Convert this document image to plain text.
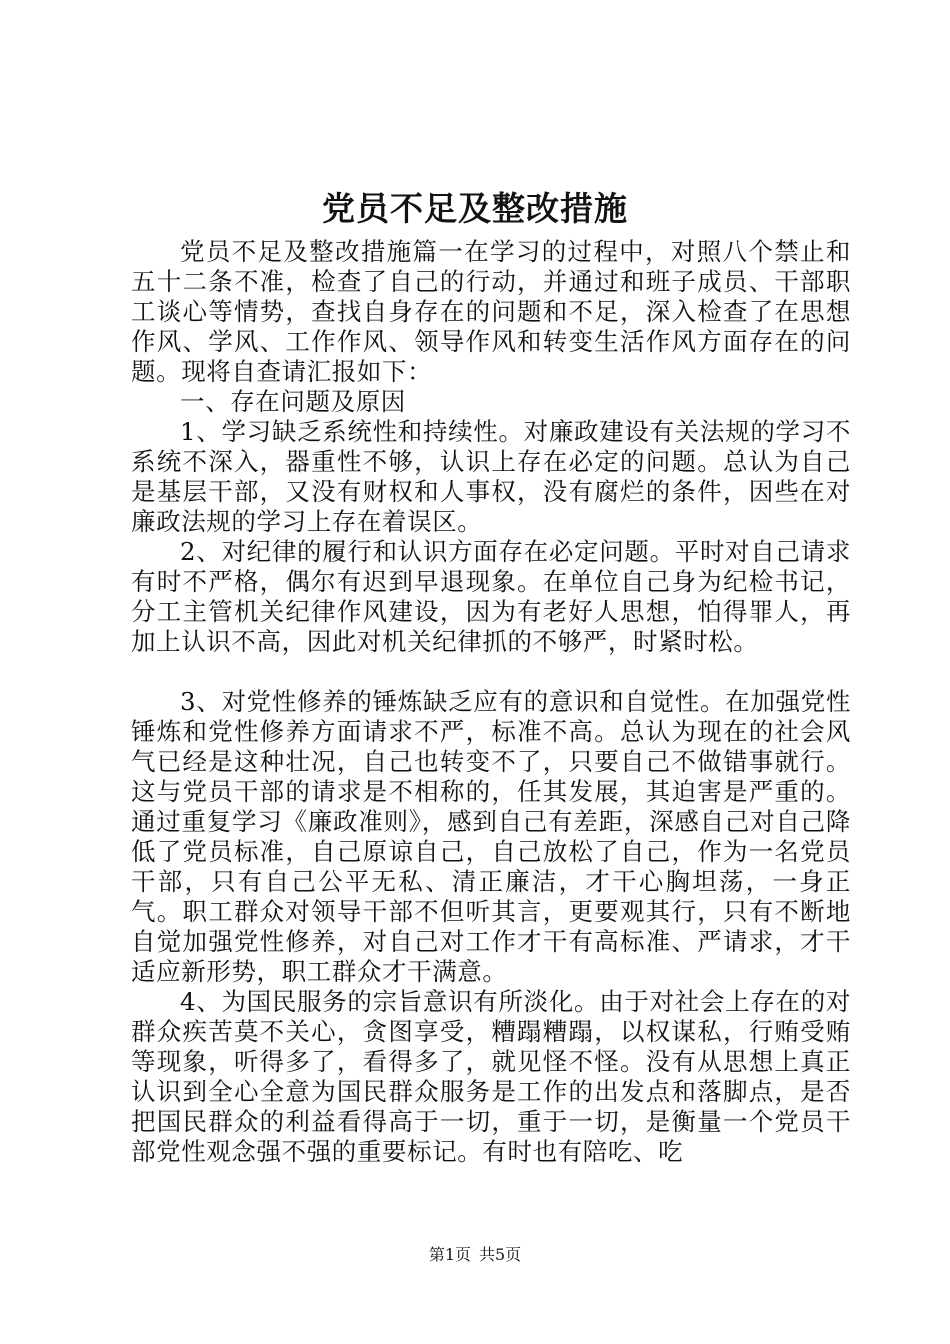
党员不足及整改措施

党员不足及整改措施篇一在学习的过程中，对照八个禁止和五十二条不准，检查了自己的行动，并通过和班子成员、干部职工谈心等情势，查找自身存在的问题和不足，深入检查了在思想作风、学风、工作作风、领导作风和转变生活作风方面存在的问题。现将自查请汇报如下：

一、存在问题及原因

1、学习缺乏系统性和持续性。对廉政建设有关法规的学习不系统不深入，器重性不够，认识上存在必定的问题。总认为自己是基层干部，又没有财权和人事权，没有腐烂的条件，因些在对廉政法规的学习上存在着误区。

2、对纪律的履行和认识方面存在必定问题。平时对自己请求有时不严格，偶尔有迟到早退现象。在单位自己身为纪检书记，分工主管机关纪律作风建设，因为有老好人思想，怕得罪人，再加上认识不高，因此对机关纪律抓的不够严，时紧时松。

3、对党性修养的锤炼缺乏应有的意识和自觉性。在加强党性锤炼和党性修养方面请求不严，标准不高。总认为现在的社会风气已经是这种壮况，自己也转变不了，只要自己不做错事就行。这与党员干部的请求是不相称的，任其发展，其迫害是严重的。通过重复学习《廉政准则》，感到自己有差距，深感自己对自己降低了党员标准，自己原谅自己，自己放松了自己，作为一名党员干部，只有自己公平无私、清正廉洁，才干心胸坦荡，一身正气。职工群众对领导干部不但听其言，更要观其行，只有不断地自觉加强党性修养，对自己对工作才干有高标准、严请求，才干适应新形势，职工群众才干满意。

4、为国民服务的宗旨意识有所淡化。由于对社会上存在的对群众疾苦莫不关心，贪图享受，糟蹋糟蹋，以权谋私，行贿受贿等现象，听得多了，看得多了，就见怪不怪。没有从思想上真正认识到全心全意为国民群众服务是工作的出发点和落脚点，是否把国民群众的利益看得高于一切，重于一切，是衡量一个党员干部党性观念强不强的重要标记。有时也有陪吃、吃

第1页 共5页
